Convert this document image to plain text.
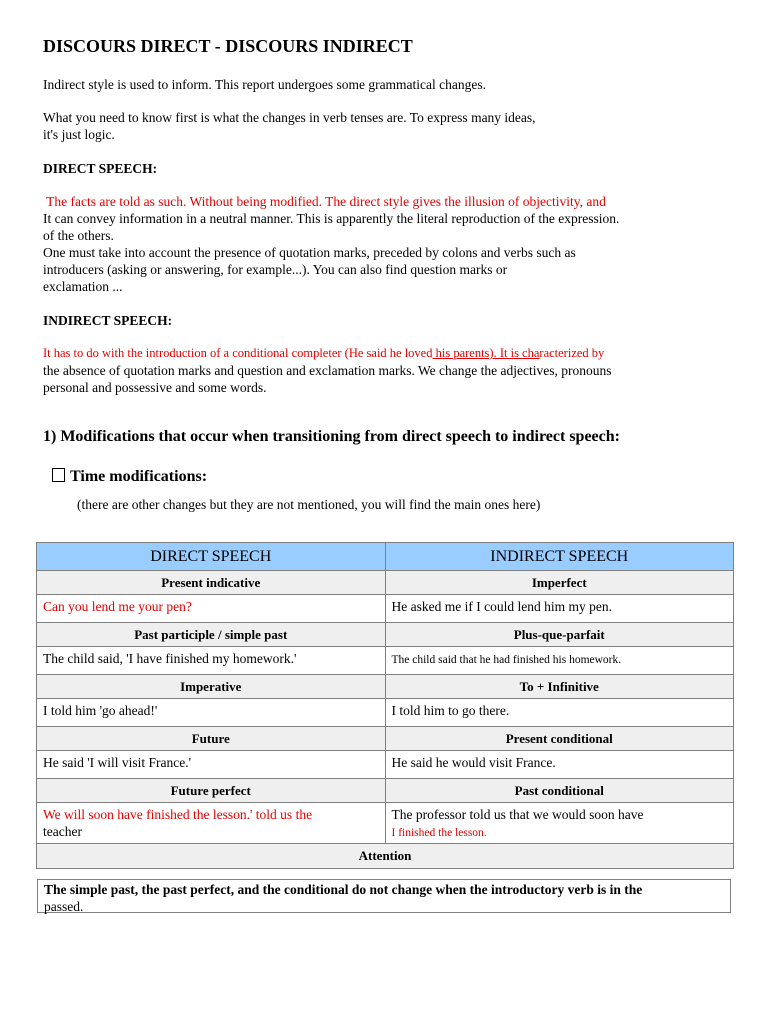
DISCOURS DIRECT - DISCOURS INDIRECT

Indirect style is used to inform. This report undergoes some grammatical changes.

What you need to know first is what the changes in verb tenses are. To express many ideas,

it's just logic.

DIRECT SPEECH:

The facts are told as such. Without being modified. The direct style gives the illusion of objectivity, and

It can convey information in a neutral manner. This is apparently the literal reproduction of the expression.

of the others.

One must take into account the presence of quotation marks, preceded by colons and verbs such as

introducers (asking or answering, for example...). You can also find question marks or

exclamation ...

INDIRECT SPEECH:

It has to do with the introduction of a conditional completer (He said he loved his parents). It is characterized by

the absence of quotation marks and question and exclamation marks. We change the adjectives, pronouns

personal and possessive and some words.

1) Modifications that occur when transitioning from direct speech to indirect speech:

Time modifications:

(there are other changes but they are not mentioned, you will find the main ones here)

DIRECT SPEECH	INDIRECT SPEECH
Present indicative	Imperfect
Can you lend me your pen?	He asked me if I could lend him my pen.
Past participle / simple past	Plus-que-parfait
The child said, 'I have finished my homework.'	The child said that he had finished his homework.
Imperative	To + Infinitive
I told him 'go ahead!'	I told him to go there.
Future	Present conditional
He said 'I will visit France.'	He said he would visit France.
Future perfect	Past conditional
We will soon have finished the lesson.' told us the
teacher	The professor told us that we would soon have
I finished the lesson.
Attention	
The simple past, the past perfect, and the conditional do not change when the introductory verb is in the
passed.
